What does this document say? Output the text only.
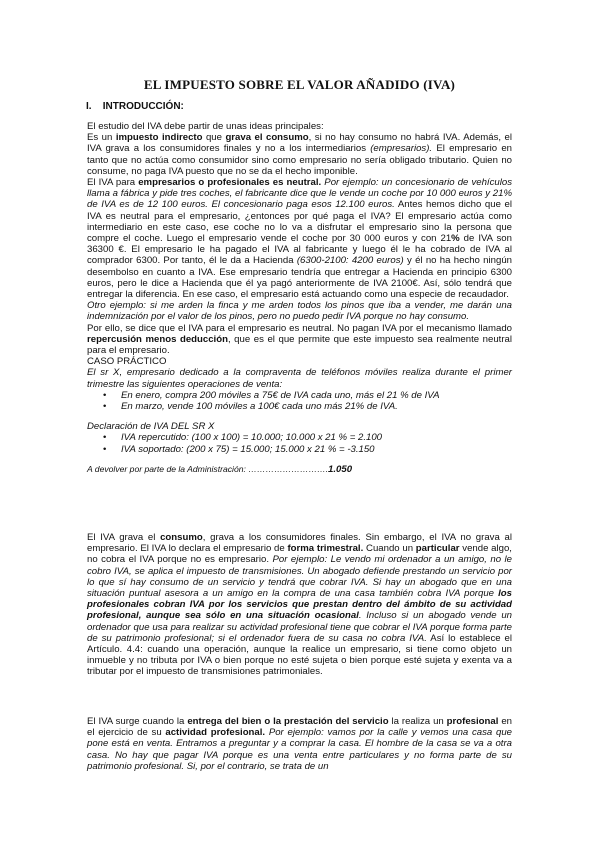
EL IMPUESTO SOBRE EL VALOR AÑADIDO (IVA)
I. INTRODUCCIÓN:

El estudio del IVA debe partir de unas ideas principales:

Es un impuesto indirecto que grava el consumo, si no hay consumo no habrá IVA. Además, el IVA grava a los consumidores finales y no a los intermediarios (empresarios). El empresario en tanto que no actúa como consumidor sino como empresario no sería obligado tributario. Quien no consume, no paga IVA puesto que no se da el hecho imponible.

El IVA para empresarios o profesionales es neutral. Por ejemplo: un concesionario de vehículos llama a fábrica y pide tres coches, el fabricante dice que le vende un coche por 10 000 euros y 21% de IVA es de 12 100 euros. El concesionario paga esos 12.100 euros. Antes hemos dicho que el IVA es neutral para el empresario, ¿entonces por qué paga el IVA? El empresario actúa como intermediario en este caso, ese coche no lo va a disfrutar el empresario sino la persona que compre el coche. Luego el empresario vende el coche por 30 000 euros y con 21% de IVA son 36300 €. El empresario le ha pagado el IVA al fabricante y luego él le ha cobrado de IVA al comprador 6300. Por tanto, él le da a Hacienda (6300-2100: 4200 euros) y él no ha hecho ningún desembolso en cuanto a IVA. Ese empresario tendría que entregar a Hacienda en principio 6300 euros, pero le dice a Hacienda que él ya pagó anteriormente de IVA 2100€. Así, sólo tendrá que entregar la diferencia. En ese caso, el empresario está actuando como una especie de recaudador.

Otro ejemplo: si me arden la finca y me arden todos los pinos que iba a vender, me darán una indemnización por el valor de los pinos, pero no puedo pedir IVA porque no hay consumo.

Por ello, se dice que el IVA para el empresario es neutral. No pagan IVA por el mecanismo llamado repercusión menos deducción, que es el que permite que este impuesto sea realmente neutral para el empresario.

CASO PRÁCTICO

El sr X, empresario dedicado a la compraventa de teléfonos móviles realiza durante el primer trimestre las siguientes operaciones de venta:

• En enero, compra 200 móviles a 75€ de IVA cada uno, más el 21 % de IVA
• En marzo, vende 100 móviles a 100€ cada uno más 21% de IVA.

Declaración de IVA DEL SR X

• IVA repercutido: (100 x 100) = 10.000; 10.000 x 21 % = 2.100
• IVA soportado: (200 x 75) = 15.000; 15.000 x 21 % = -3.150

A devolver por parte de la Administración: ……………………….1.050

El IVA grava el consumo, grava a los consumidores finales. Sin embargo, el IVA no grava al empresario. El IVA lo declara el empresario de forma trimestral. Cuando un particular vende algo, no cobra el IVA porque no es empresario. Por ejemplo: Le vendo mi ordenador a un amigo, no le cobro IVA, se aplica el impuesto de transmisiones. Un abogado defiende prestando un servicio por lo que sí hay consumo de un servicio y tendrá que cobrar IVA. Si hay un abogado que en una situación puntual asesora a un amigo en la compra de una casa también cobra IVA porque los profesionales cobran IVA por los servicios que prestan dentro del ámbito de su actividad profesional, aunque sea sólo en una situación ocasional. Incluso si un abogado vende un ordenador que usa para realizar su actividad profesional tiene que cobrar el IVA porque forma parte de su patrimonio profesional; si el ordenador fuera de su casa no cobra IVA. Así lo establece el Artículo. 4.4: cuando una operación, aunque la realice un empresario, si tiene como objeto un inmueble y no tributa por IVA o bien porque no esté sujeta o bien porque esté sujeta y exenta va a tributar por el impuesto de transmisiones patrimoniales.

El IVA surge cuando la entrega del bien o la prestación del servicio la realiza un profesional en el ejercicio de su actividad profesional. Por ejemplo: vamos por la calle y vemos una casa que pone está en venta. Entramos a preguntar y a comprar la casa. El hombre de la casa se va a otra casa. No hay que pagar IVA porque es una venta entre particulares y no forma parte de su patrimonio profesional. Si, por el contrario, se trata de un
